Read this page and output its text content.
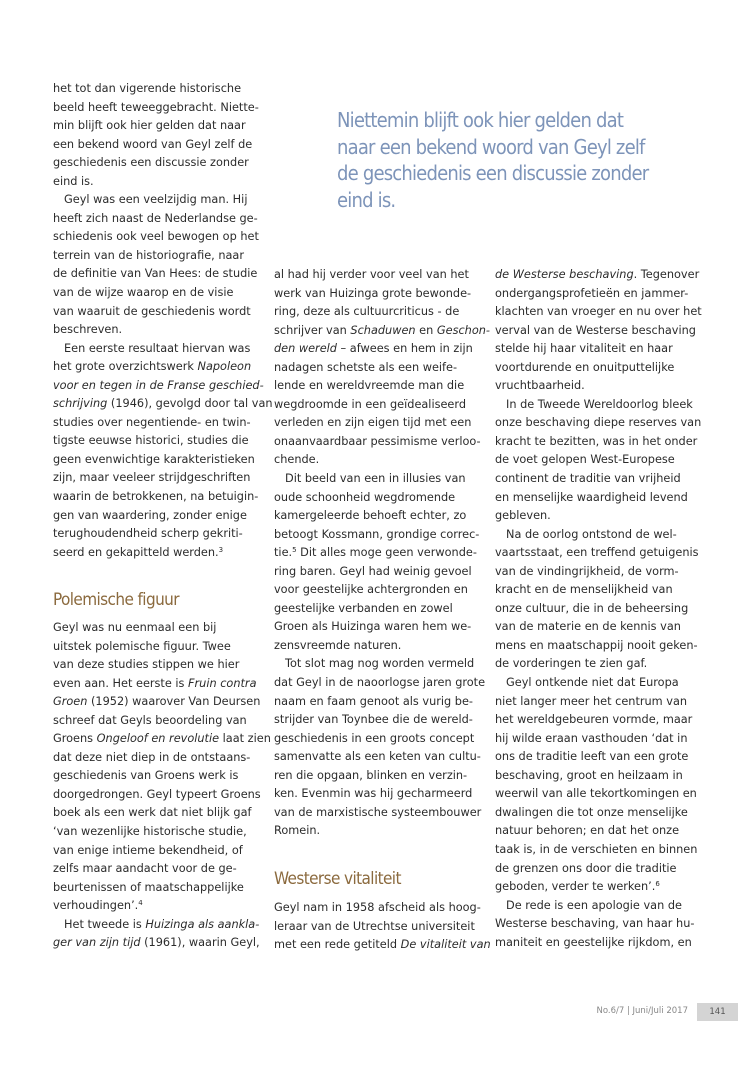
het tot dan vigerende historische
beeld heeft teweeggebracht. Niette-
min blijft ook hier gelden dat naar
een bekend woord van Geyl zelf de
geschiedenis een discussie zonder
eind is.

Geyl was een veelzijdig man. Hij
heeft zich naast de Nederlandse ge-
schiedenis ook veel bewogen op het
terrein van de historiografie, naar
de definitie van Van Hees: de studie
van de wijze waarop en de visie
van waaruit de geschiedenis wordt
beschreven.

Een eerste resultaat hiervan was
het grote overzichtswerk Napoleon
voor en tegen in de Franse geschied-
schrijving (1946), gevolgd door tal van
studies over negentiende- en twin-
tigste eeuwse historici, studies die
geen evenwichtige karakteristieken
zijn, maar veeleer strijdgeschriften
waarin de betrokkenen, na betuigin-
gen van waardering, zonder enige
terughoudendheid scherp gekriti-
seerd en gekapitteld werden.$^3$

Polemische figuur

Geyl was nu eenmaal een bij
uitstek polemische figuur. Twee
van deze studies stippen we hier
even aan. Het eerste is Fruin contra
Groen (1952) waarover Van Deursen
schreef dat Geyls beoordeling van
Groens Ongeloof en revolutie laat zien
dat deze niet diep in de ontstaans-
geschiedenis van Groens werk is
doorgedrongen. Geyl typeert Groens
boek als een werk dat niet blijk gaf
‘van wezenlijke historische studie,
van enige intieme bekendheid, of
zelfs maar aandacht voor de ge-
beurtenissen of maatschappelijke
verhoudingen’.$^4$

Het tweede is Huizinga als aankla-
ger van zijn tijd (1961), waarin Geyl,

Niettemin blijft ook hier gelden dat
naar een bekend woord van Geyl zelf
de geschiedenis een discussie zonder
eind is.

al had hij verder voor veel van het
werk van Huizinga grote bewonde-
ring, deze als cultuurcriticus - de
schrijver van Schaduwen en Geschon-
den wereld – afwees en hem in zijn
nadagen schetste als een weife-
lende en wereldvreemde man die
wegdroomde in een geïdealiseerd
verleden en zijn eigen tijd met een
onaanvaardbaar pessimisme verloo-
chende.

Dit beeld van een in illusies van
oude schoonheid wegdromende
kamergeleerde behoeft echter, zo
betoogt Kossmann, grondige correc-
tie.$^5$ Dit alles moge geen verwonde-
ring baren. Geyl had weinig gevoel
voor geestelijke achtergronden en
geestelijke verbanden en zowel
Groen als Huizinga waren hem we-
zensvreemde naturen.

Tot slot mag nog worden vermeld
dat Geyl in de naoorlogse jaren grote
naam en faam genoot als vurig be-
strijder van Toynbee die de wereld-
geschiedenis in een groots concept
samenvatte als een keten van cultu-
ren die opgaan, blinken en verzin-
ken. Evenmin was hij gecharmeerd
van de marxistische systeembouwer
Romein.

Westerse vitaliteit

Geyl nam in 1958 afscheid als hoog-
leraar van de Utrechtse universiteit
met een rede getiteld De vitaliteit van

de Westerse beschaving. Tegenover
ondergangsprofetieën en jammer-
klachten van vroeger en nu over het
verval van de Westerse beschaving
stelde hij haar vitaliteit en haar
voortdurende en onuitputtelijke
vruchtbaarheid.

In de Tweede Wereldoorlog bleek
onze beschaving diepe reserves van
kracht te bezitten, was in het onder
de voet gelopen West-Europese
continent de traditie van vrijheid
en menselijke waardigheid levend
gebleven.

Na de oorlog ontstond de wel-
vaartsstaat, een treffend getuigenis
van de vindingrijkheid, de vorm-
kracht en de menselijkheid van
onze cultuur, die in de beheersing
van de materie en de kennis van
mens en maatschappij nooit geken-
de vorderingen te zien gaf.

Geyl ontkende niet dat Europa
niet langer meer het centrum van
het wereldgebeuren vormde, maar
hij wilde eraan vasthouden ‘dat in
ons de traditie leeft van een grote
beschaving, groot en heilzaam in
weerwil van alle tekortkomingen en
dwalingen die tot onze menselijke
natuur behoren; en dat het onze
taak is, in de verschieten en binnen
de grenzen ons door die traditie
geboden, verder te werken’.$^6$

De rede is een apologie van de
Westerse beschaving, van haar hu-
maniteit en geestelijke rijkdom, en

No.6/7 | Juni/Juli 2017	141
